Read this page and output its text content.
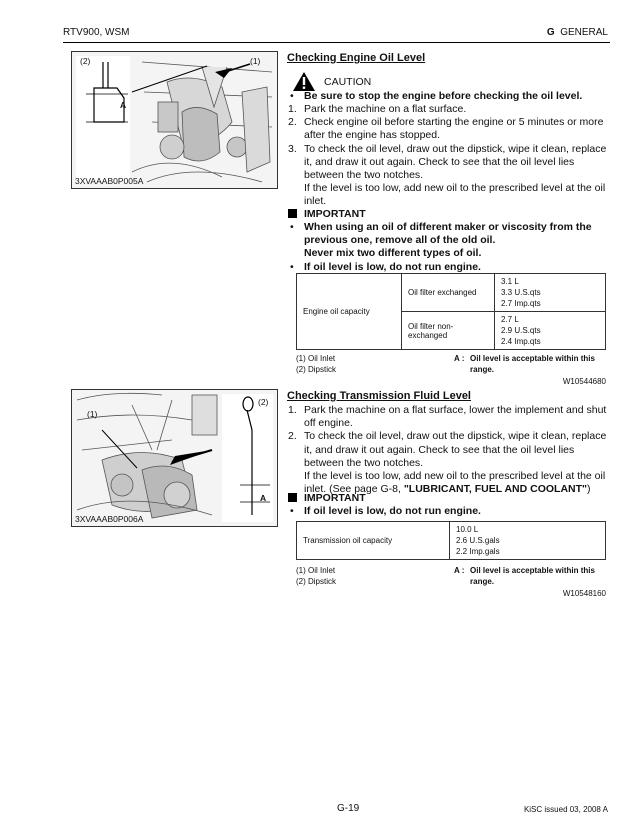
RTV900, WSM	G GENERAL
(2)	(1)
A
3XVAAAB0P005A
Checking Engine Oil Level
CAUTION
• Be sure to stop the engine before checking the oil level.
1. Park the machine on a flat surface.
2. Check engine oil before starting the engine or 5 minutes or more after the engine has stopped.
3. To check the oil level, draw out the dipstick, wipe it clean, replace it, and draw it out again. Check to see that the oil level lies between the two notches.
If the level is too low, add new oil to the prescribed level at the oil inlet.
IMPORTANT
• When using an oil of different maker or viscosity from the previous one, remove all of the old oil.
Never mix two different types of oil.
• If oil level is low, do not run engine.
Engine oil capacity	Oil filter exchanged	3.1 L
3.3 U.S.qts
2.7 Imp.qts

	Oil filter non-exchanged	2.7 L
2.9 U.S.qts
2.4 Imp.qts
(1) Oil Inlet
(2) Dipstick
A : Oil level is acceptable within this range.
W10544680
(2)
(1)
A
3XVAAAB0P006A
Checking Transmission Fluid Level
1. Park the machine on a flat surface, lower the implement and shut off engine.
2. To check the oil level, draw out the dipstick, wipe it clean, replace it, and draw it out again. Check to see that the oil level lies between the two notches.
If the level is too low, add new oil to the prescribed level at the oil inlet. (See page G-8, "LUBRICANT, FUEL AND COOLANT")
IMPORTANT
• If oil level is low, do not run engine.
Transmission oil capacity	
10.0 L
2.6 U.S.gals
2.2 Imp.gals
(1) Oil Inlet
(2) Dipstick
A : Oil level is acceptable within this range.
W10548160
G-19	KiSC issued 03, 2008 A
